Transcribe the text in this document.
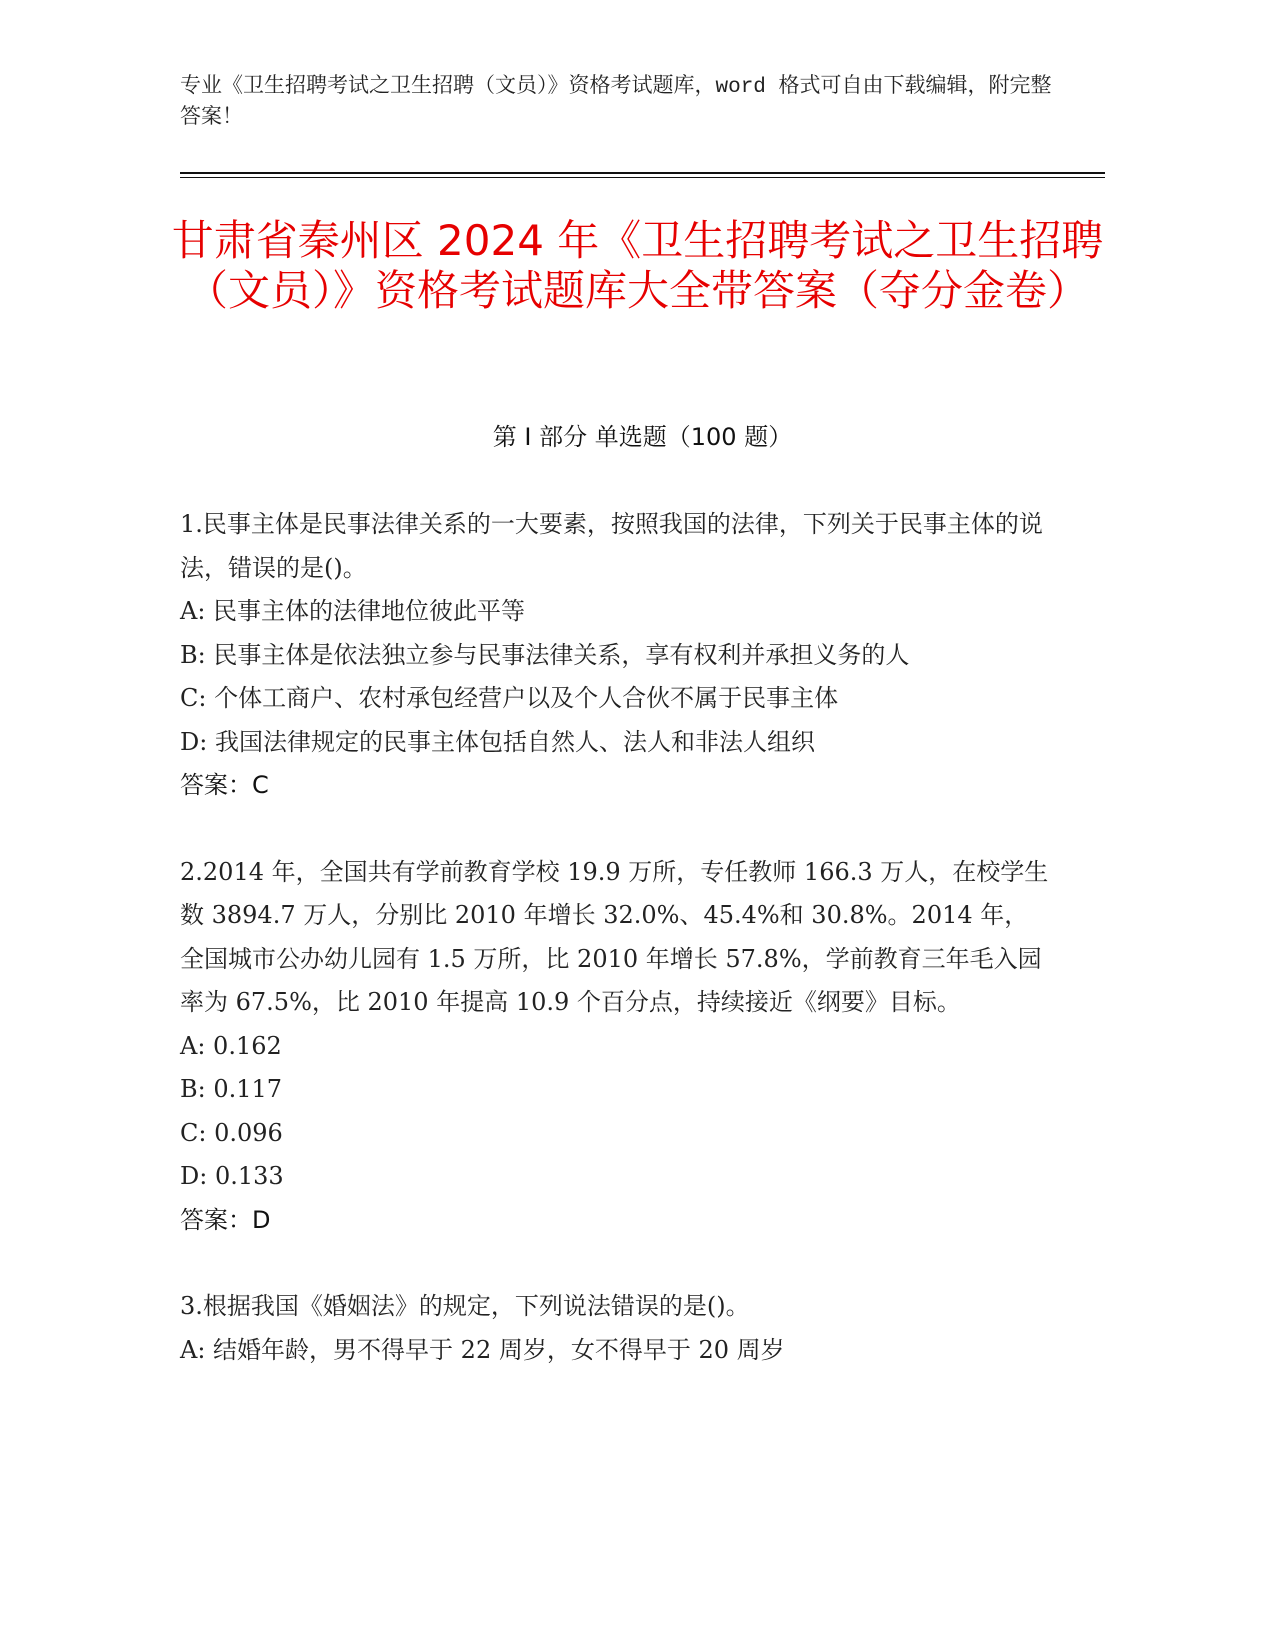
专业《卫生招聘考试之卫生招聘（文员）》资格考试题库，word 格式可自由下载编辑，附完整答案！
甘肃省秦州区 2024 年《卫生招聘考试之卫生招聘（文员）》资格考试题库大全带答案（夺分金卷）
第 I 部分 单选题（100 题）

1.民事主体是民事法律关系的一大要素，按照我国的法律，下列关于民事主体的说法，错误的是()。

A: 民事主体的法律地位彼此平等

B: 民事主体是依法独立参与民事法律关系，享有权利并承担义务的人

C: 个体工商户、农村承包经营户以及个人合伙不属于民事主体

D: 我国法律规定的民事主体包括自然人、法人和非法人组织

答案：C

2.2014 年，全国共有学前教育学校 19.9 万所，专任教师 166.3 万人，在校学生数 3894.7 万人，分别比 2010 年增长 32.0%、45.4%和 30.8%。2014 年，全国城市公办幼儿园有 1.5 万所，比 2010 年增长 57.8%，学前教育三年毛入园率为 67.5%，比 2010 年提高 10.9 个百分点，持续接近《纲要》目标。

A: 0.162

B: 0.117

C: 0.096

D: 0.133

答案：D

3.根据我国《婚姻法》的规定，下列说法错误的是()。

A: 结婚年龄，男不得早于 22 周岁，女不得早于 20 周岁
